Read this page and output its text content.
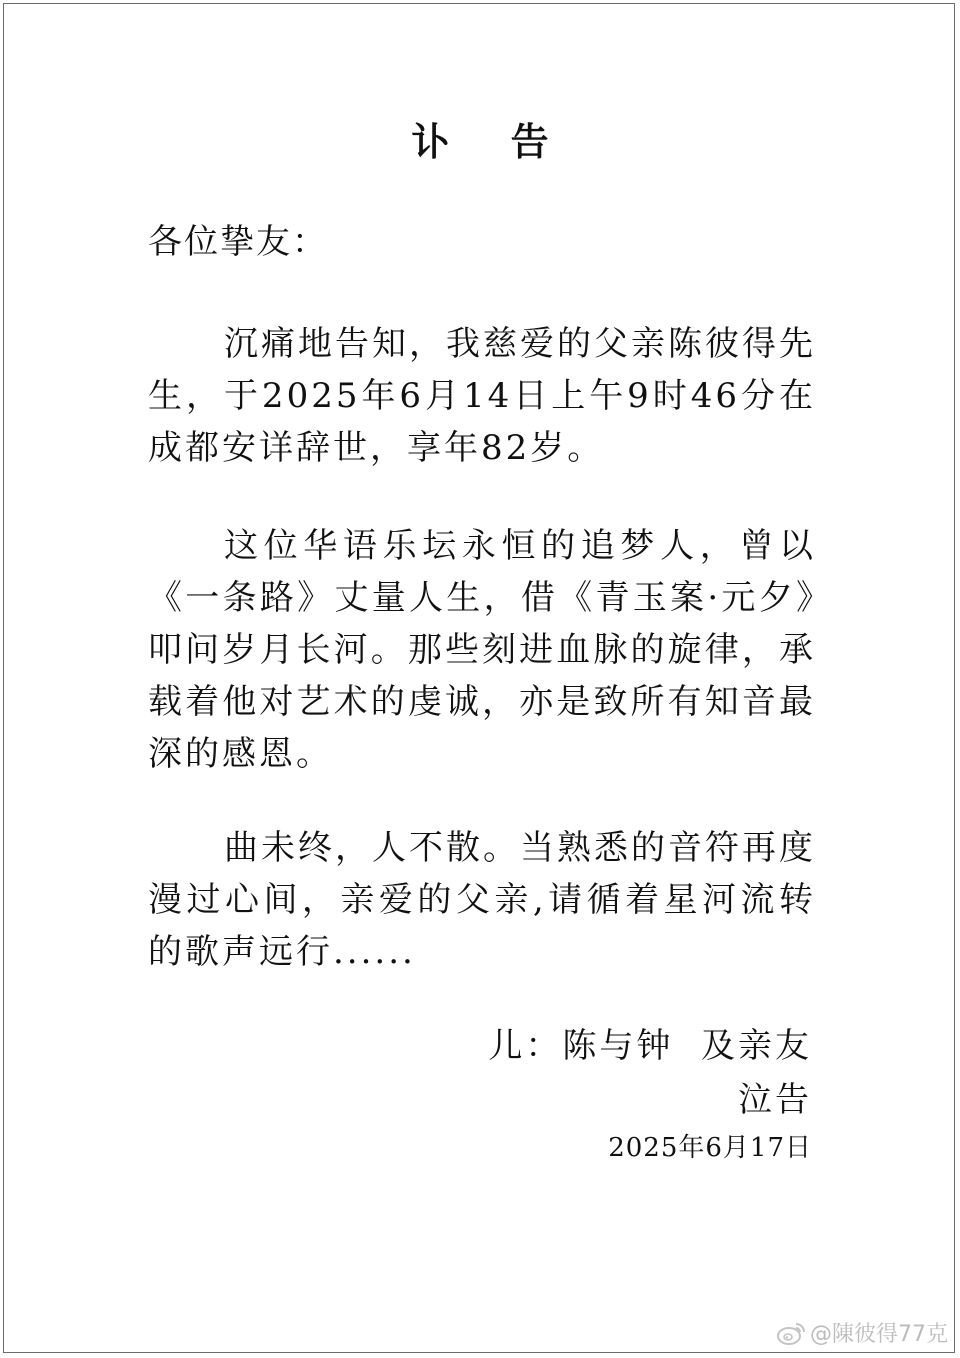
讣 告
各位挚友：

沉痛地告知，我慈爱的父亲陈彼得先生，于2025年6月14日上午9时46分在成都安详辞世，享年82岁。

这位华语乐坛永恒的追梦人，曾以《一条路》丈量人生，借《青玉案·元夕》叩问岁月长河。那些刻进血脉的旋律，承载着他对艺术的虔诚，亦是致所有知音最深的感恩。

曲未终，人不散。当熟悉的音符再度漫过心间，亲爱的父亲,请循着星河流转的歌声远行......

儿：陈与钟  及亲友
泣告
2025年6月17日
@陳彼得77克
